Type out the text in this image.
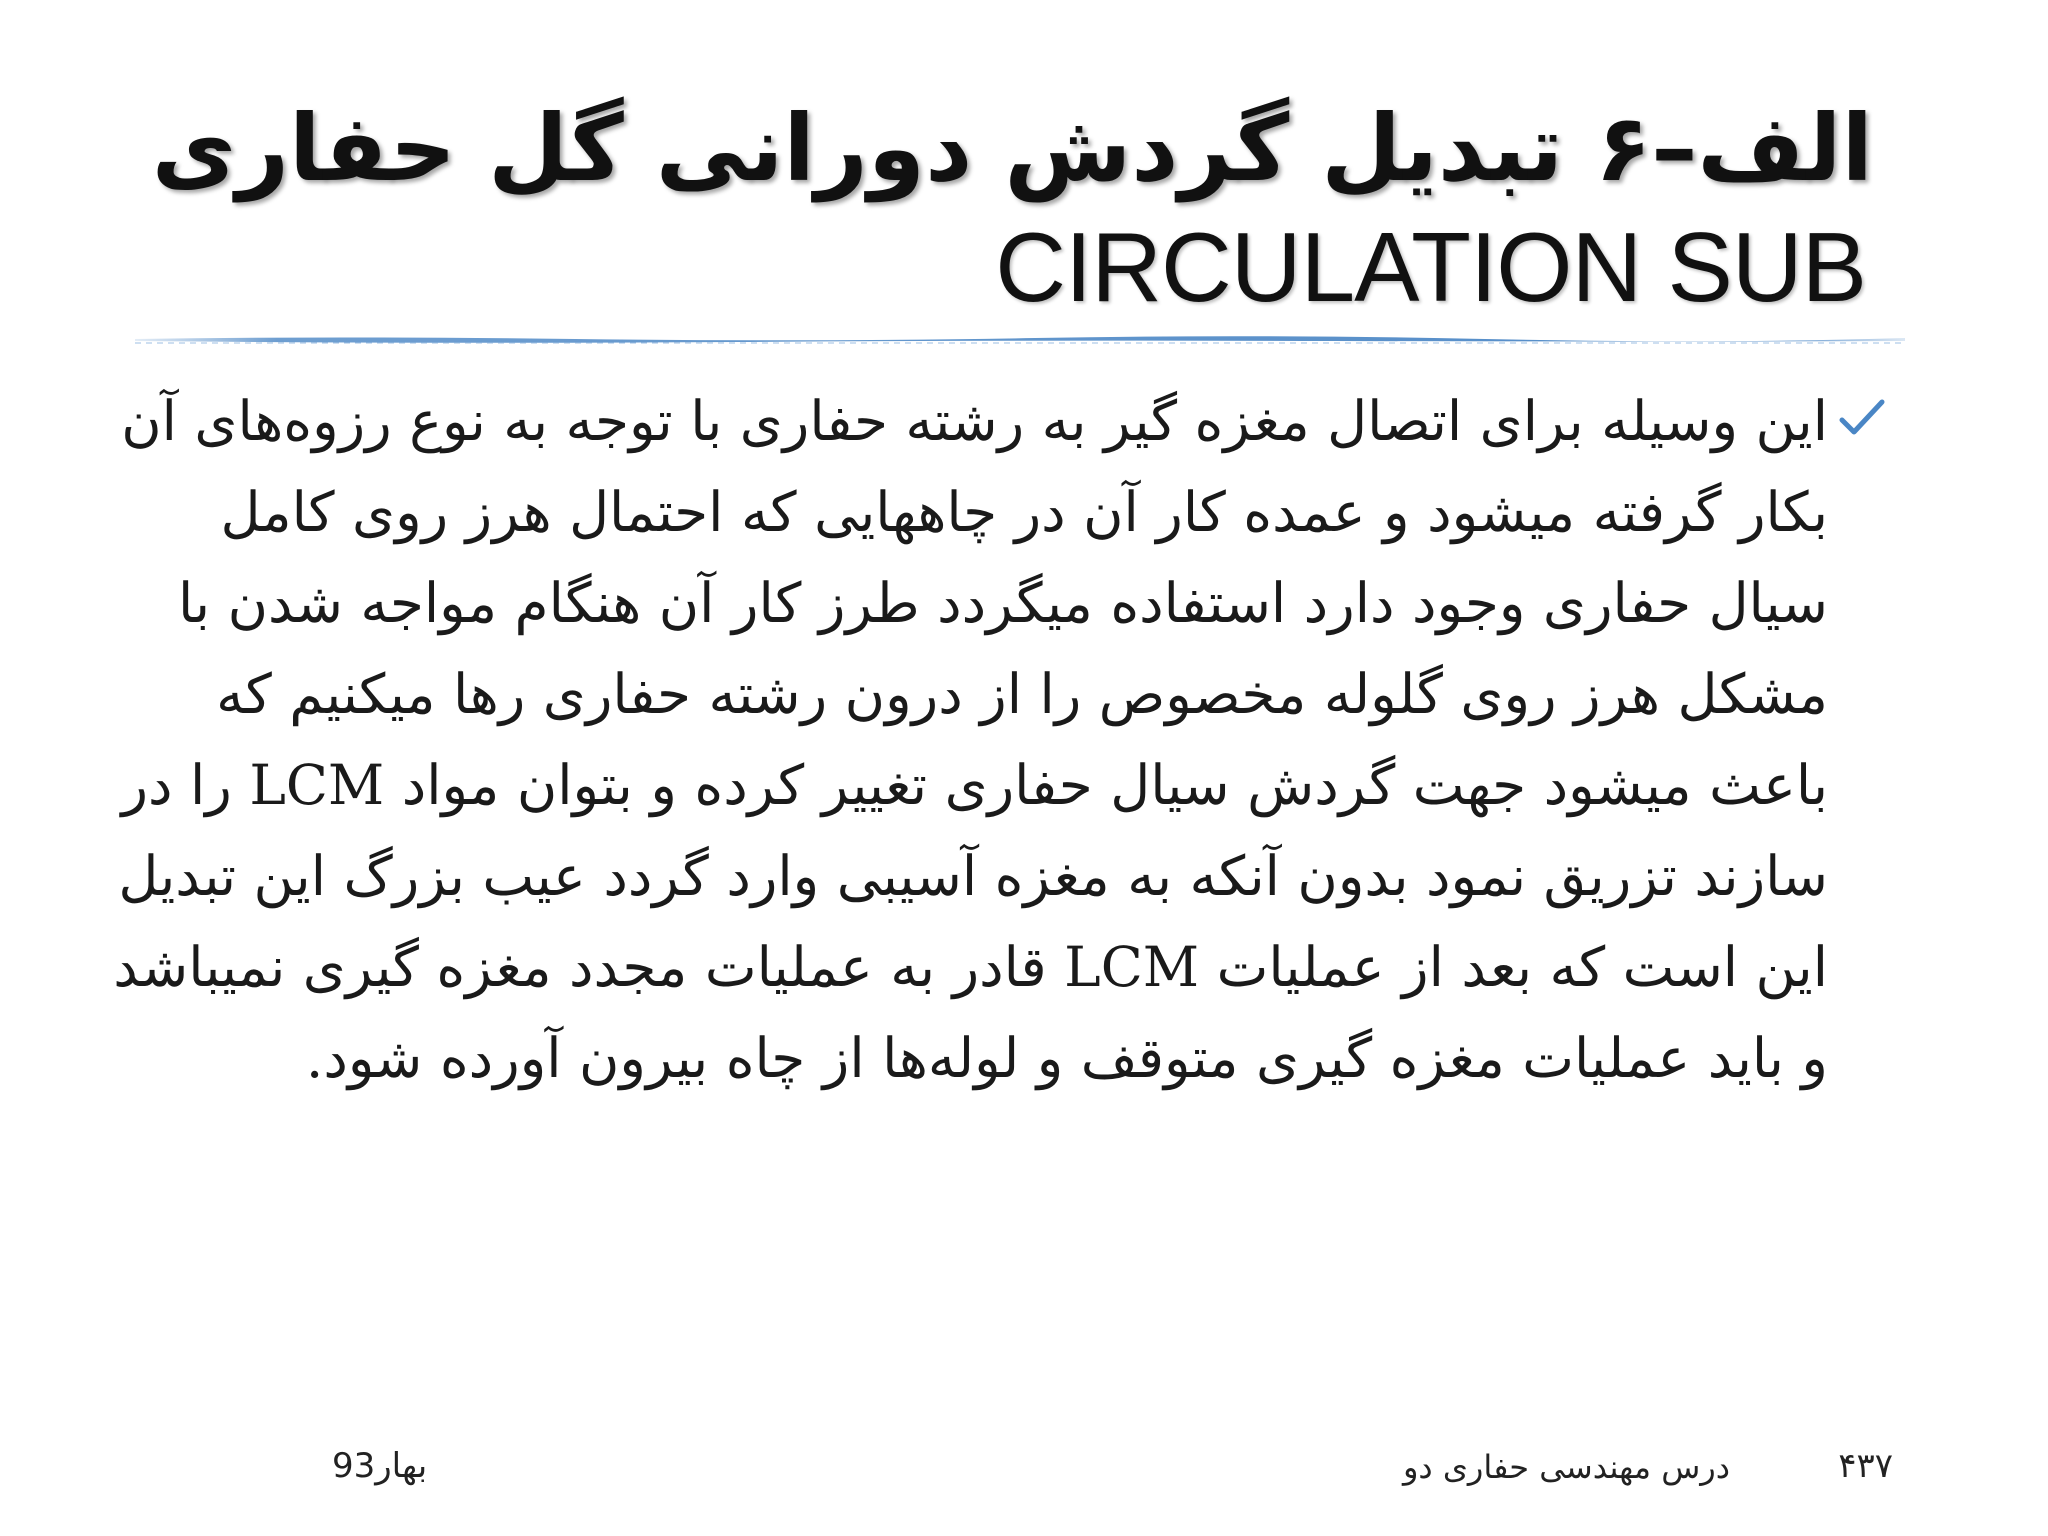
الف–۶ تبدیل گردش دورانی گل حفاری
CIRCULATION SUB

این وسیله برای اتصال مغزه گیر به رشته حفاری با توجه به نوع رزوه‌های آن بکار گرفته میشود و عمده کار آن در چاههایی که احتمال هرز روی کامل سیال حفاری وجود دارد استفاده میگردد طرز کار آن هنگام مواجه شدن با مشکل هرز روی گلوله مخصوص را از درون رشته حفاری رها میکنیم که باعث میشود جهت گردش سیال حفاری تغییر کرده و بتوان مواد LCM را در سازند تزریق نمود بدون آنکه به مغزه آسیبی وارد گردد عیب بزرگ این تبدیل این است که بعد از عملیات LCM قادر به عملیات مجدد مغزه گیری نمیباشد و باید عملیات مغزه گیری متوقف و لوله‌ها از چاه بیرون آورده شود.

۴۳۷
درس مهندسی حفاری دو
بهار93
